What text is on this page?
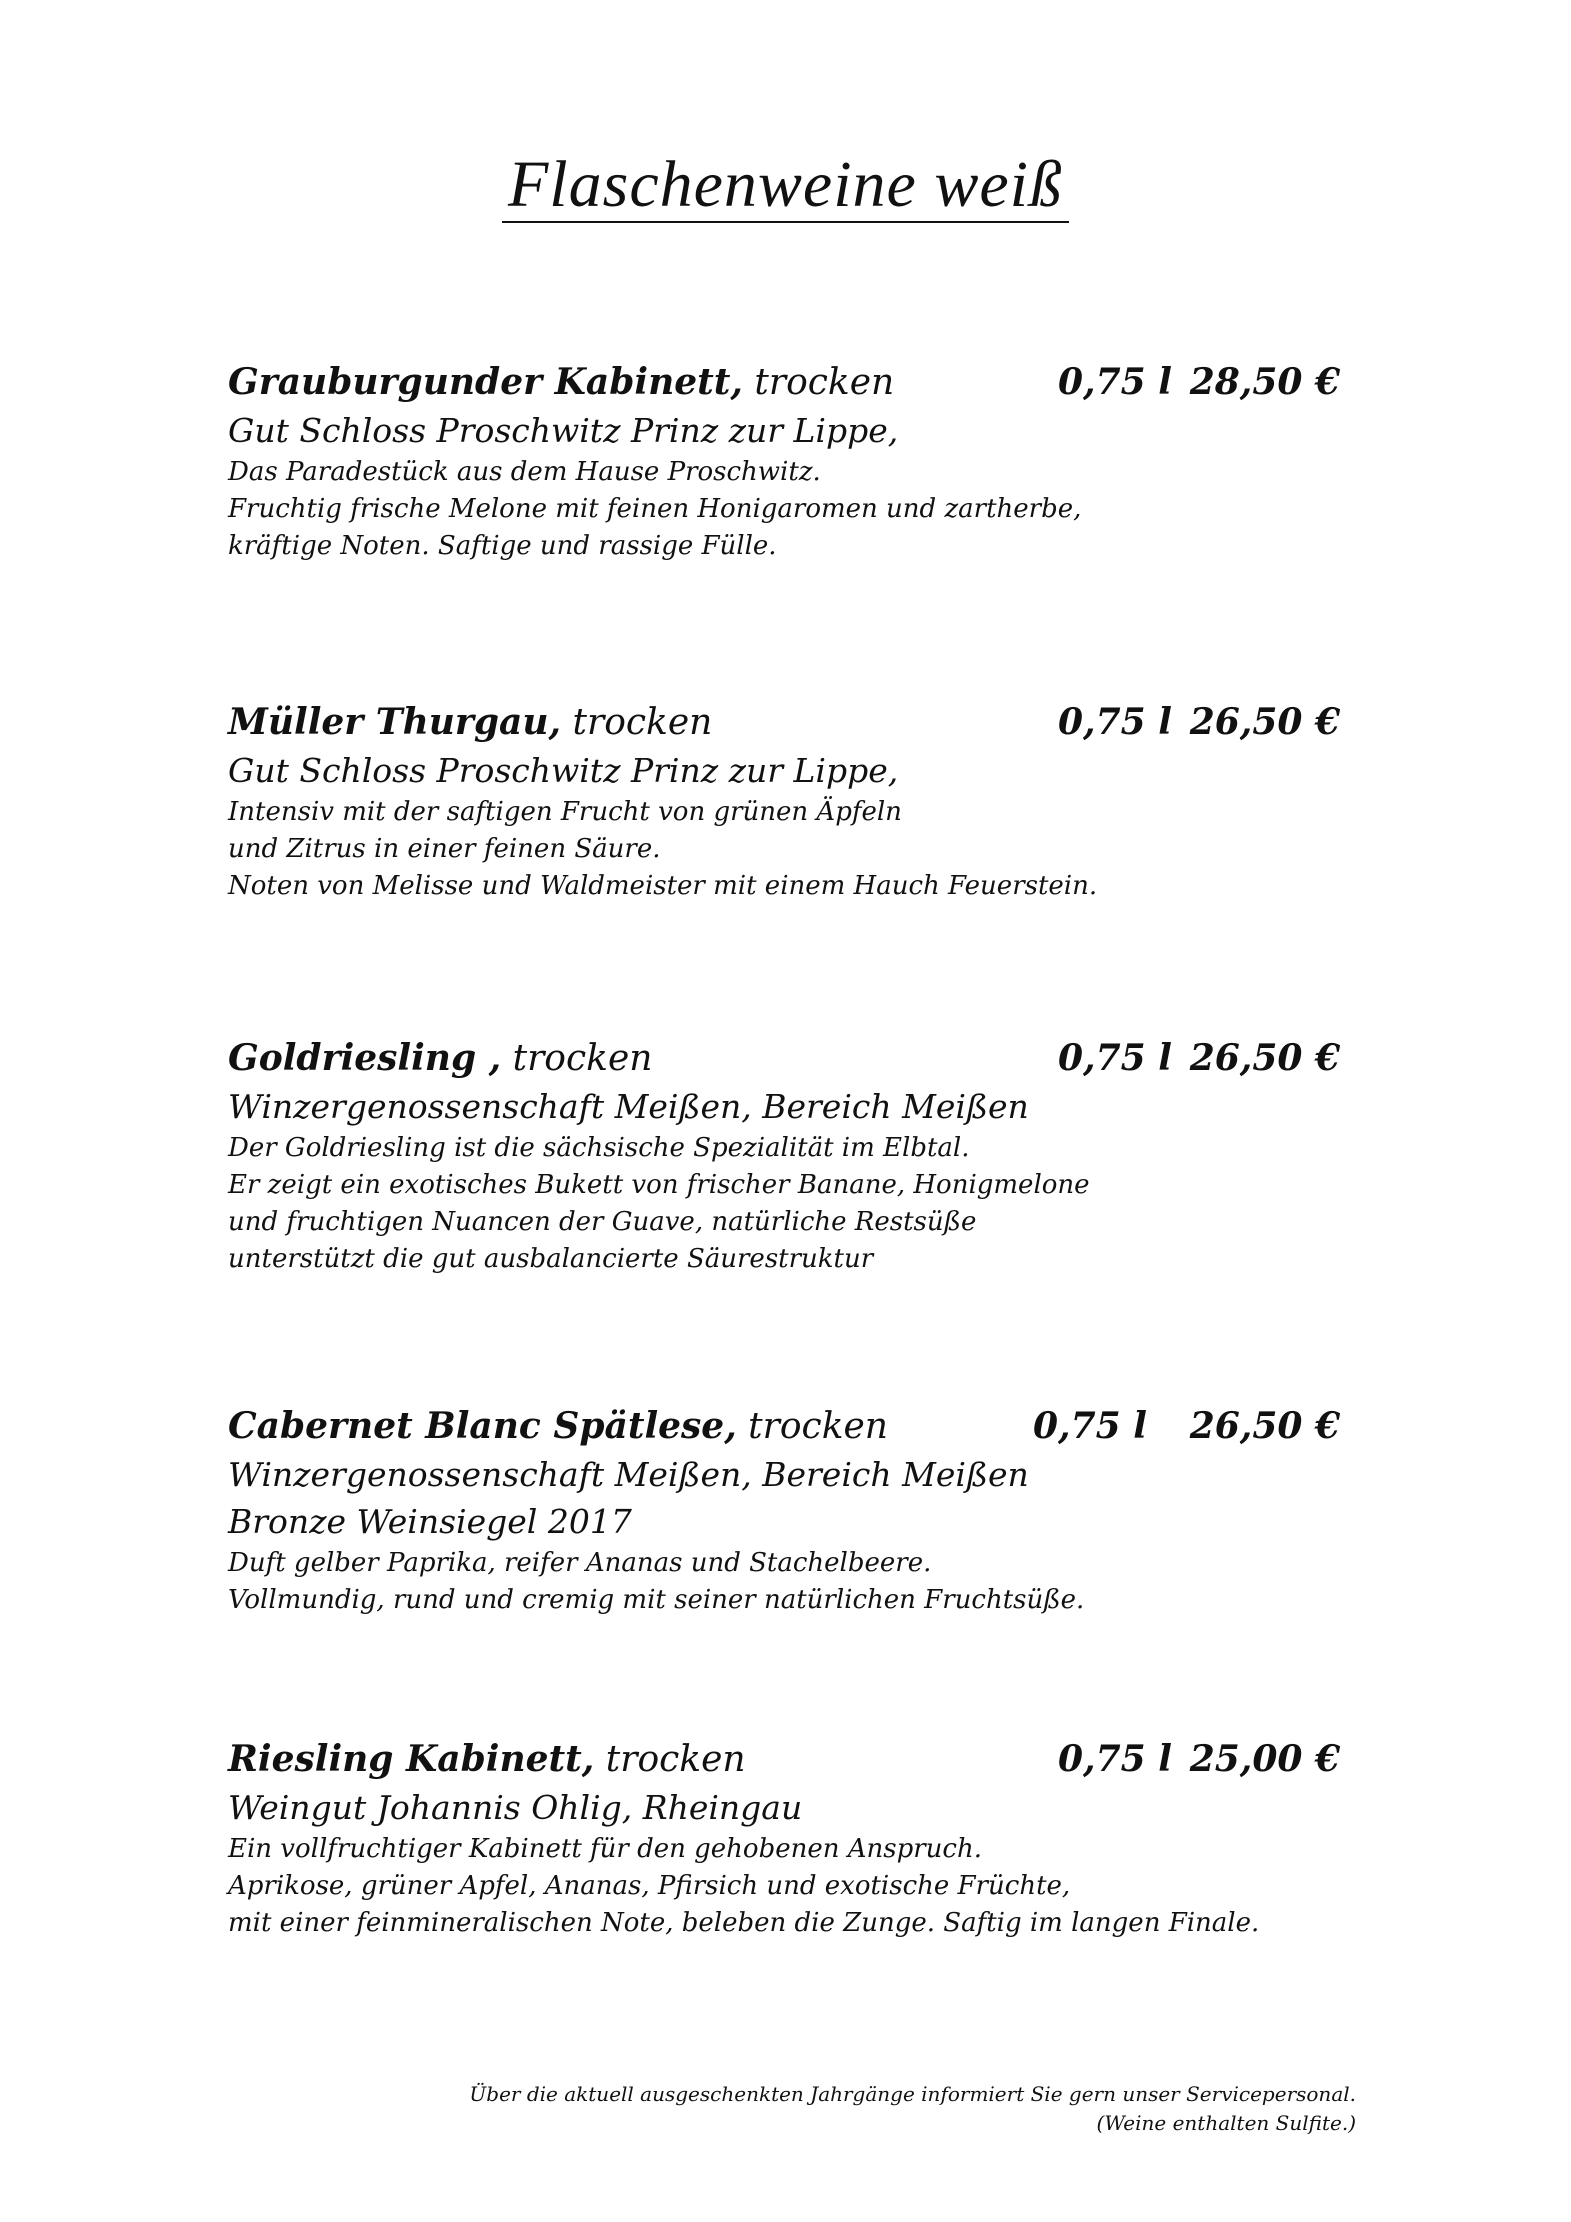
Flaschenweine weiß
Grauburgunder Kabinett, trocken	0,75 l 28,50 €
Gut Schloss Proschwitz Prinz zur Lippe,
Das Paradestück aus dem Hause Proschwitz.
Fruchtig frische Melone mit feinen Honigaromen und zartherbe,
kräftige Noten. Saftige und rassige Fülle.
Müller Thurgau, trocken	0,75 l 26,50 €
Gut Schloss Proschwitz Prinz zur Lippe,
Intensiv mit der saftigen Frucht von grünen Äpfeln
und Zitrus in einer feinen Säure.
Noten von Melisse und Waldmeister mit einem Hauch Feuerstein.
Goldriesling , trocken	0,75 l 26,50 €
Winzergenossenschaft Meißen, Bereich Meißen
Der Goldriesling ist die sächsische Spezialität im Elbtal.
Er zeigt ein exotisches Bukett von frischer Banane, Honigmelone
und fruchtigen Nuancen der Guave, natürliche Restsüße
unterstützt die gut ausbalancierte Säurestruktur
Cabernet Blanc Spätlese, trocken	0,75 l 26,50 €
Winzergenossenschaft Meißen, Bereich Meißen
Bronze Weinsiegel 2017
Duft gelber Paprika, reifer Ananas und Stachelbeere.
Vollmundig, rund und cremig mit seiner natürlichen Fruchtsüße.
Riesling Kabinett, trocken	0,75 l 25,00 €
Weingut Johannis Ohlig, Rheingau
Ein vollfruchtiger Kabinett für den gehobenen Anspruch.
Aprikose, grüner Apfel, Ananas, Pfirsich und exotische Früchte,
mit einer feinmineralischen Note, beleben die Zunge. Saftig im langen Finale.
Über die aktuell ausgeschenkten Jahrgänge informiert Sie gern unser Servicepersonal.
(Weine enthalten Sulfite.)
